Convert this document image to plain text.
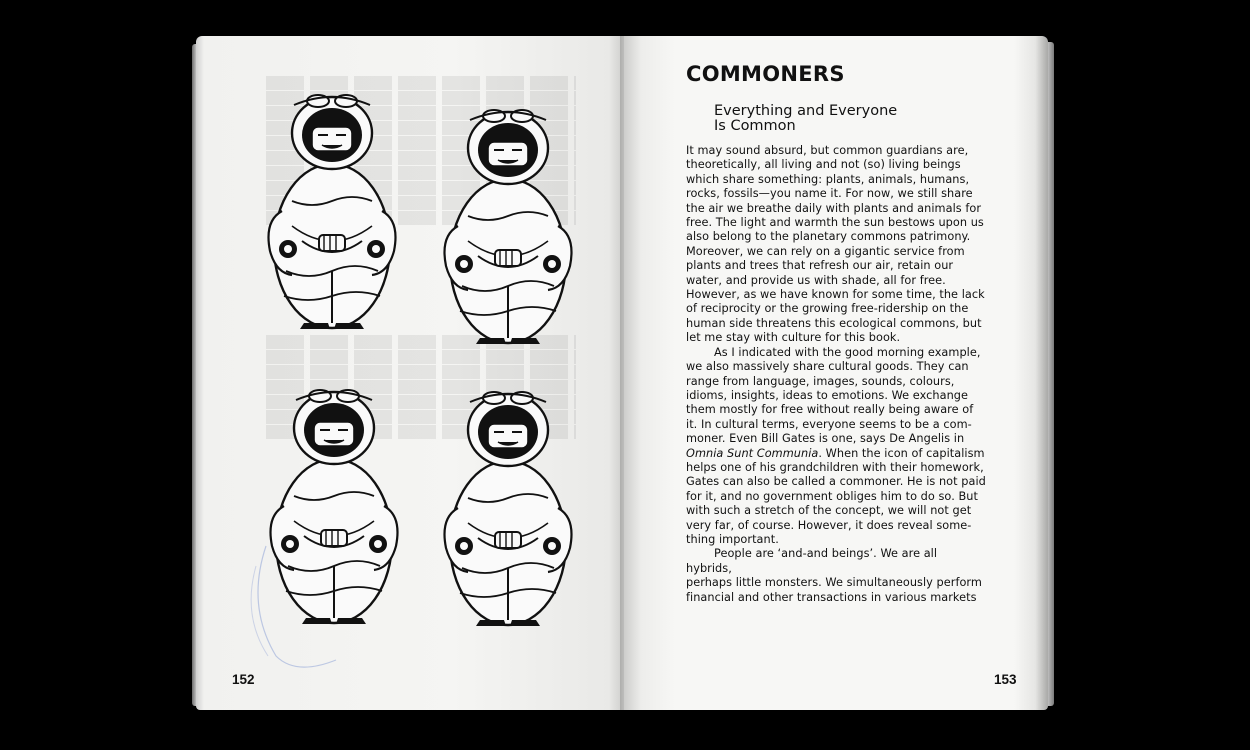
152	153
COMMONERS
Everything and Everyone
Is Common

It may sound absurd, but common guardians are,
theoretically, all living and not (so) living beings
which share something: plants, animals, humans,
rocks, fossils—you name it. For now, we still share
the air we breathe daily with plants and animals for
free. The light and warmth the sun bestows upon us
also belong to the planetary commons patrimony.
Moreover, we can rely on a gigantic service from
plants and trees that refresh our air, retain our
water, and provide us with shade, all for free.
However, as we have known for some time, the lack
of reciprocity or the growing free-ridership on the
human side threatens this ecological commons, but
let me stay with culture for this book.

As I indicated with the good morning example,
we also massively share cultural goods. They can
range from language, images, sounds, colours,
idioms, insights, ideas to emotions. We exchange
them mostly for free without really being aware of
it. In cultural terms, everyone seems to be a com-
moner. Even Bill Gates is one, says De Angelis in
Omnia Sunt Communia. When the icon of capitalism
helps one of his grandchildren with their homework,
Gates can also be called a commoner. He is not paid
for it, and no government obliges him to do so. But
with such a stretch of the concept, we will not get
very far, of course. However, it does reveal some-
thing important.

People are ‘and-and beings’. We are all hybrids,
perhaps little monsters. We simultaneously perform
financial and other transactions in various markets
